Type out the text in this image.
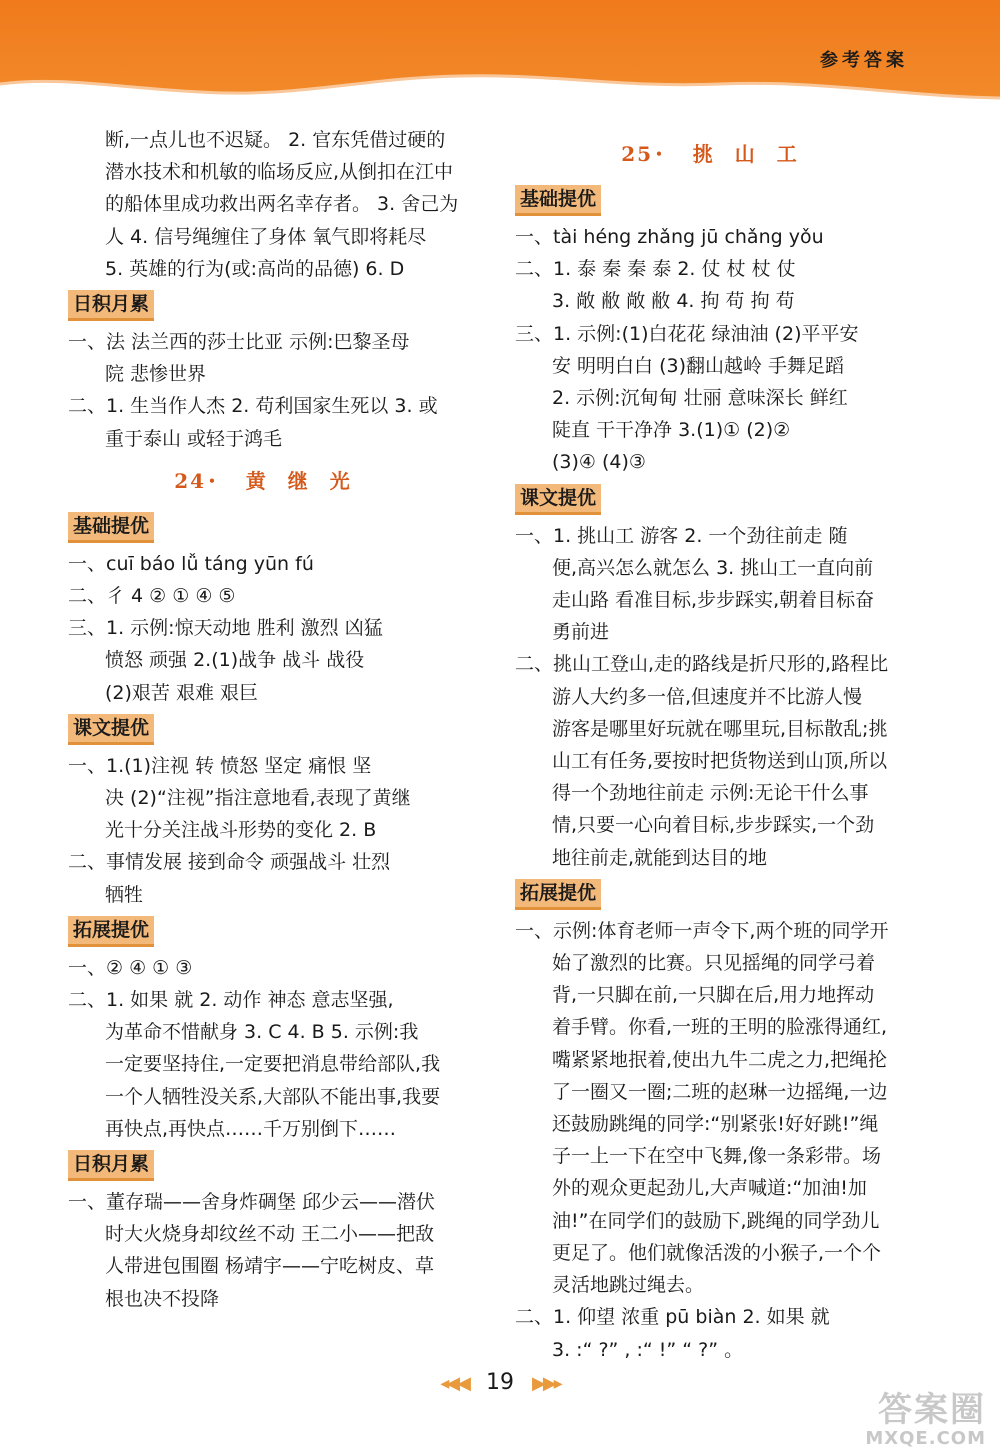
参考答案
断,一点儿也不迟疑。 2. 官东凭借过硬的
潜水技术和机敏的临场反应,从倒扣在江中
的船体里成功救出两名幸存者。 3. 舍己为
人 4. 信号绳缠住了身体 氧气即将耗尽
5. 英雄的行为(或:高尚的品德) 6. D
日积月累
一、法 法兰西的莎士比亚 示例:巴黎圣母
院 悲惨世界
二、1. 生当作人杰 2. 苟利国家生死以 3. 或
重于泰山 或轻于鸿毛
24 • 黄继光
基础提优
一、cuī báo lǚ táng yūn fú
二、彳 4 ② ① ④ ⑤
三、1. 示例:惊天动地 胜利 激烈 凶猛
愤怒 顽强 2.(1)战争 战斗 战役
(2)艰苦 艰难 艰巨
课文提优
一、1.(1)注视 转 愤怒 坚定 痛恨 坚
决 (2)“注视”指注意地看,表现了黄继
光十分关注战斗形势的变化 2. B
二、事情发展 接到命令 顽强战斗 壮烈
牺牲
拓展提优
一、② ④ ① ③
二、1. 如果 就 2. 动作 神态 意志坚强,
为革命不惜献身 3. C 4. B 5. 示例:我
一定要坚持住,一定要把消息带给部队,我
一个人牺牲没关系,大部队不能出事,我要
再快点,再快点……千万别倒下……
日积月累
一、董存瑞——舍身炸碉堡 邱少云——潜伏
时大火烧身却纹丝不动 王二小——把敌
人带进包围圈 杨靖宇——宁吃树皮、草
根也决不投降
25 • 挑山工
基础提优
一、tài héng zhǎng jū chǎng yǒu
二、1. 泰 秦 秦 泰 2. 仗 杖 杖 仗
3. 敞 敝 敞 敝 4. 拘 苟 拘 苟
三、1. 示例:(1)白花花 绿油油 (2)平平安
安 明明白白 (3)翻山越岭 手舞足蹈
2. 示例:沉甸甸 壮丽 意味深长 鲜红
陡直 干干净净 3.(1)① (2)②
(3)④ (4)③
课文提优
一、1. 挑山工 游客 2. 一个劲往前走 随
便,高兴怎么就怎么 3. 挑山工一直向前
走山路 看准目标,步步踩实,朝着目标奋
勇前进
二、挑山工登山,走的路线是折尺形的,路程比
游人大约多一倍,但速度并不比游人慢
游客是哪里好玩就在哪里玩,目标散乱;挑
山工有任务,要按时把货物送到山顶,所以
得一个劲地往前走 示例:无论干什么事
情,只要一心向着目标,步步踩实,一个劲
地往前走,就能到达目的地
拓展提优
一、示例:体育老师一声令下,两个班的同学开
始了激烈的比赛。只见摇绳的同学弓着
背,一只脚在前,一只脚在后,用力地挥动
着手臂。你看,一班的王明的脸涨得通红,
嘴紧紧地抿着,使出九牛二虎之力,把绳抡
了一圈又一圈;二班的赵琳一边摇绳,一边
还鼓励跳绳的同学:“别紧张!好好跳!”绳
子一上一下在空中飞舞,像一条彩带。场
外的观众更起劲儿,大声喊道:“加油!加
油!”在同学们的鼓励下,跳绳的同学劲儿
更足了。他们就像活泼的小猴子,一个个
灵活地跳过绳去。
二、1. 仰望 浓重 pū biàn 2. 如果 就
3. :“ ?” , :“ !” “ ?” 。
◂◀◀ 19 ▶▶▸
答案圈
MXQE.COM
